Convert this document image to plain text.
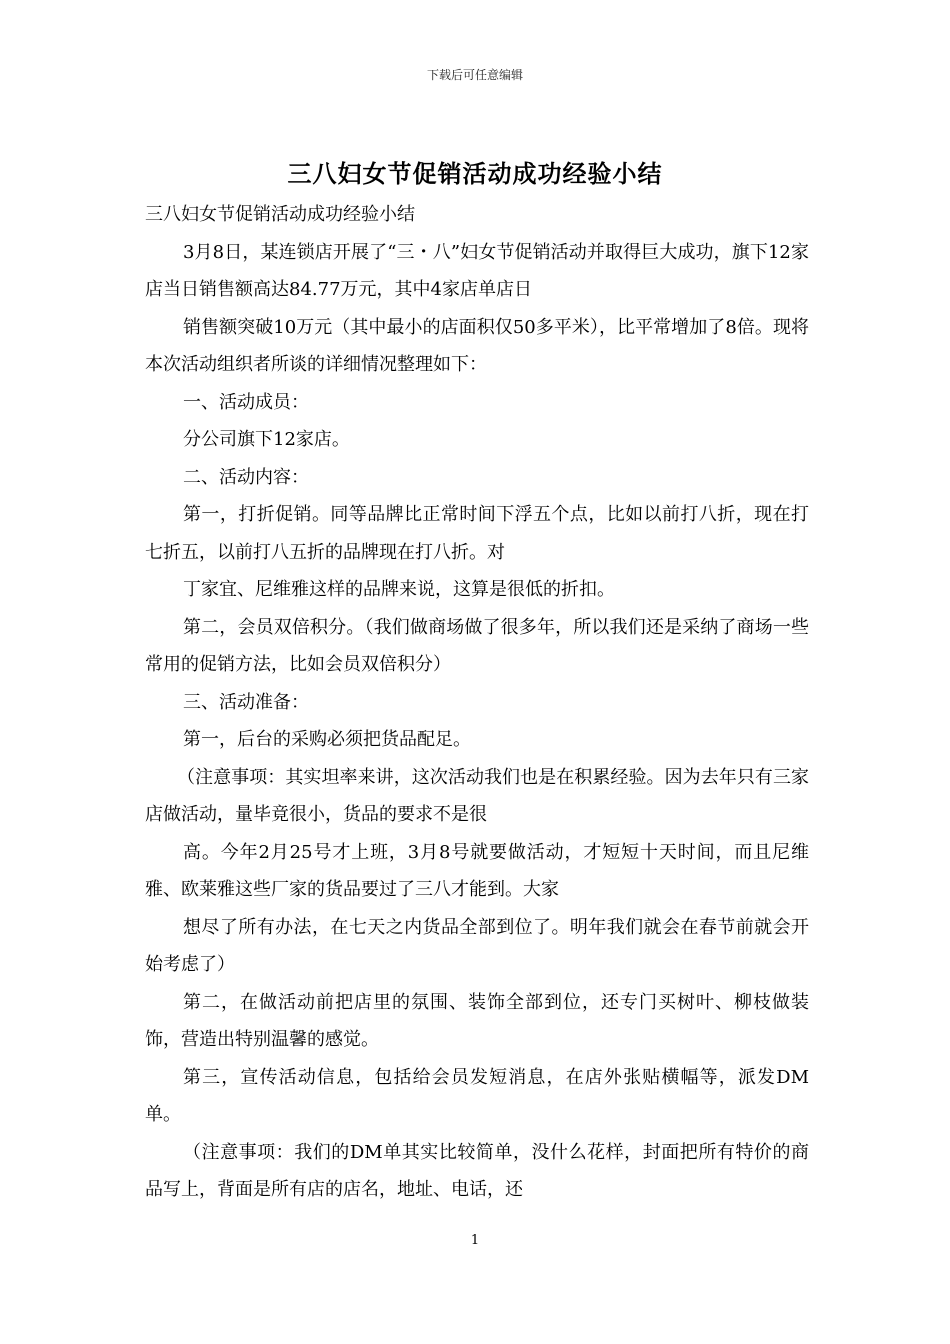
下载后可任意编辑
三八妇女节促销活动成功经验小结

三八妇女节促销活动成功经验小结

3月8日，某连锁店开展了“三・八”妇女节促销活动并取得巨大成功，旗下12家店当日销售额高达84.77万元，其中4家店单店日

销售额突破10万元（其中最小的店面积仅50多平米），比平常增加了8倍。现将本次活动组织者所谈的详细情况整理如下：

一、活动成员：

分公司旗下12家店。

二、活动内容：

第一，打折促销。同等品牌比正常时间下浮五个点，比如以前打八折，现在打七折五，以前打八五折的品牌现在打八折。对

丁家宜、尼维雅这样的品牌来说，这算是很低的折扣。

第二，会员双倍积分。（我们做商场做了很多年，所以我们还是采纳了商场一些常用的促销方法，比如会员双倍积分）

三、活动准备：

第一，后台的采购必须把货品配足。

（注意事项：其实坦率来讲，这次活动我们也是在积累经验。因为去年只有三家店做活动，量毕竟很小，货品的要求不是很

高。今年2月25号才上班，3月8号就要做活动，才短短十天时间，而且尼维雅、欧莱雅这些厂家的货品要过了三八才能到。大家

想尽了所有办法，在七天之内货品全部到位了。明年我们就会在春节前就会开始考虑了）

第二，在做活动前把店里的氛围、装饰全部到位，还专门买树叶、柳枝做装饰，营造出特别温馨的感觉。

第三，宣传活动信息，包括给会员发短消息，在店外张贴横幅等，派发DM单。

（注意事项：我们的DM单其实比较简单，没什么花样，封面把所有特价的商品写上，背面是所有店的店名，地址、电话，还

1
